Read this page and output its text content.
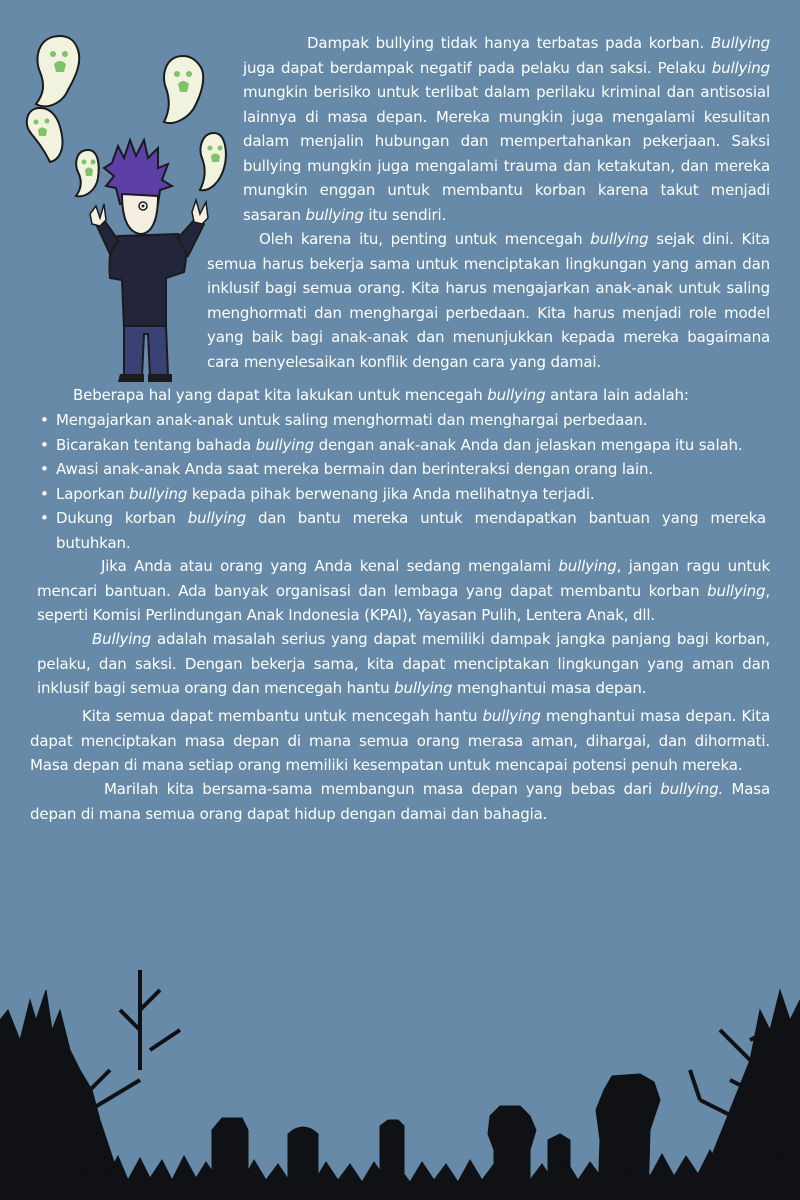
Dampak bullying tidak hanya terbatas pada korban. Bullying juga dapat berdampak negatif pada pelaku dan saksi. Pelaku bullying mungkin berisiko untuk terlibat dalam perilaku kriminal dan antisosial lainnya di masa depan. Mereka mungkin juga mengalami kesulitan dalam menjalin hubungan dan mempertahankan pekerjaan. Saksi bullying mungkin juga mengalami trauma dan ketakutan, dan mereka mungkin enggan untuk membantu korban karena takut menjadi sasaran bullying itu sendiri.

Oleh karena itu, penting untuk mencegah bullying sejak dini. Kita semua harus bekerja sama untuk menciptakan lingkungan yang aman dan inklusif bagi semua orang. Kita harus mengajarkan anak-anak untuk saling menghormati dan menghargai perbedaan. Kita harus menjadi role model yang baik bagi anak-anak dan menunjukkan kepada mereka bagaimana cara menyelesaikan konflik dengan cara yang damai.

Beberapa hal yang dapat kita lakukan untuk mencegah bullying antara lain adalah:

• Mengajarkan anak-anak untuk saling menghormati dan menghargai perbedaan.
• Bicarakan tentang bahada bullying dengan anak-anak Anda dan jelaskan mengapa itu salah.
• Awasi anak-anak Anda saat mereka bermain dan berinteraksi dengan orang lain.
• Laporkan bullying kepada pihak berwenang jika Anda melihatnya terjadi.
• Dukung korban bullying dan bantu mereka untuk mendapatkan bantuan yang mereka butuhkan.

Jika Anda atau orang yang Anda kenal sedang mengalami bullying, jangan ragu untuk mencari bantuan. Ada banyak organisasi dan lembaga yang dapat membantu korban bullying, seperti Komisi Perlindungan Anak Indonesia (KPAI), Yayasan Pulih, Lentera Anak, dll.

Bullying adalah masalah serius yang dapat memiliki dampak jangka panjang bagi korban, pelaku, dan saksi. Dengan bekerja sama, kita dapat menciptakan lingkungan yang aman dan inklusif bagi semua orang dan mencegah hantu bullying menghantui masa depan.

Kita semua dapat membantu untuk mencegah hantu bullying menghantui masa depan. Kita dapat menciptakan masa depan di mana semua orang merasa aman, dihargai, dan dihormati. Masa depan di mana setiap orang memiliki kesempatan untuk mencapai potensi penuh mereka.

Marilah kita bersama-sama membangun masa depan yang bebas dari bullying. Masa depan di mana semua orang dapat hidup dengan damai dan bahagia.
